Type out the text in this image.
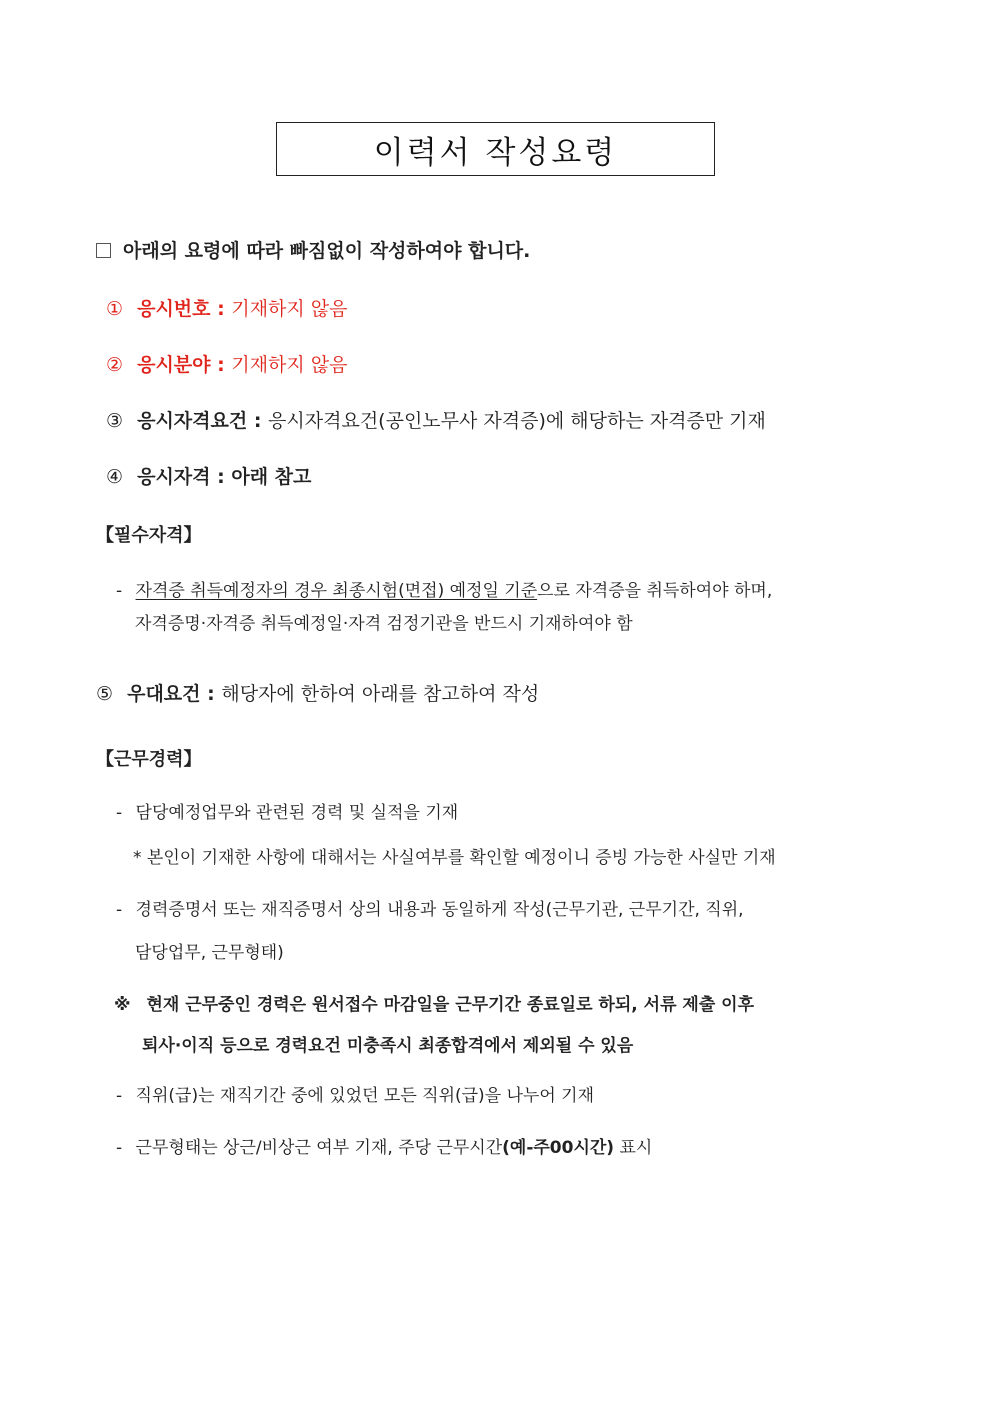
이력서 작성요령
아래의 요령에 따라 빠짐없이 작성하여야 합니다.
① 응시번호 : 기재하지 않음
② 응시분야 : 기재하지 않음
③ 응시자격요건 : 응시자격요건(공인노무사 자격증)에 해당하는 자격증만 기재
④ 응시자격 : 아래 참고
【필수자격】
- 자격증 취득예정자의 경우 최종시험(면접) 예정일 기준으로 자격증을 취득하여야 하며,
자격증명·자격증 취득예정일·자격 검정기관을 반드시 기재하여야 함
⑤ 우대요건 : 해당자에 한하여 아래를 참고하여 작성
【근무경력】
- 담당예정업무와 관련된 경력 및 실적을 기재
* 본인이 기재한 사항에 대해서는 사실여부를 확인할 예정이니 증빙 가능한 사실만 기재
- 경력증명서 또는 재직증명서 상의 내용과 동일하게 작성(근무기관, 근무기간, 직위,
담당업무, 근무형태)
※ 현재 근무중인 경력은 원서접수 마감일을 근무기간 종료일로 하되, 서류 제출 이후
퇴사·이직 등으로 경력요건 미충족시 최종합격에서 제외될 수 있음
- 직위(급)는 재직기간 중에 있었던 모든 직위(급)을 나누어 기재
- 근무형태는 상근/비상근 여부 기재, 주당 근무시간(예-주00시간) 표시
